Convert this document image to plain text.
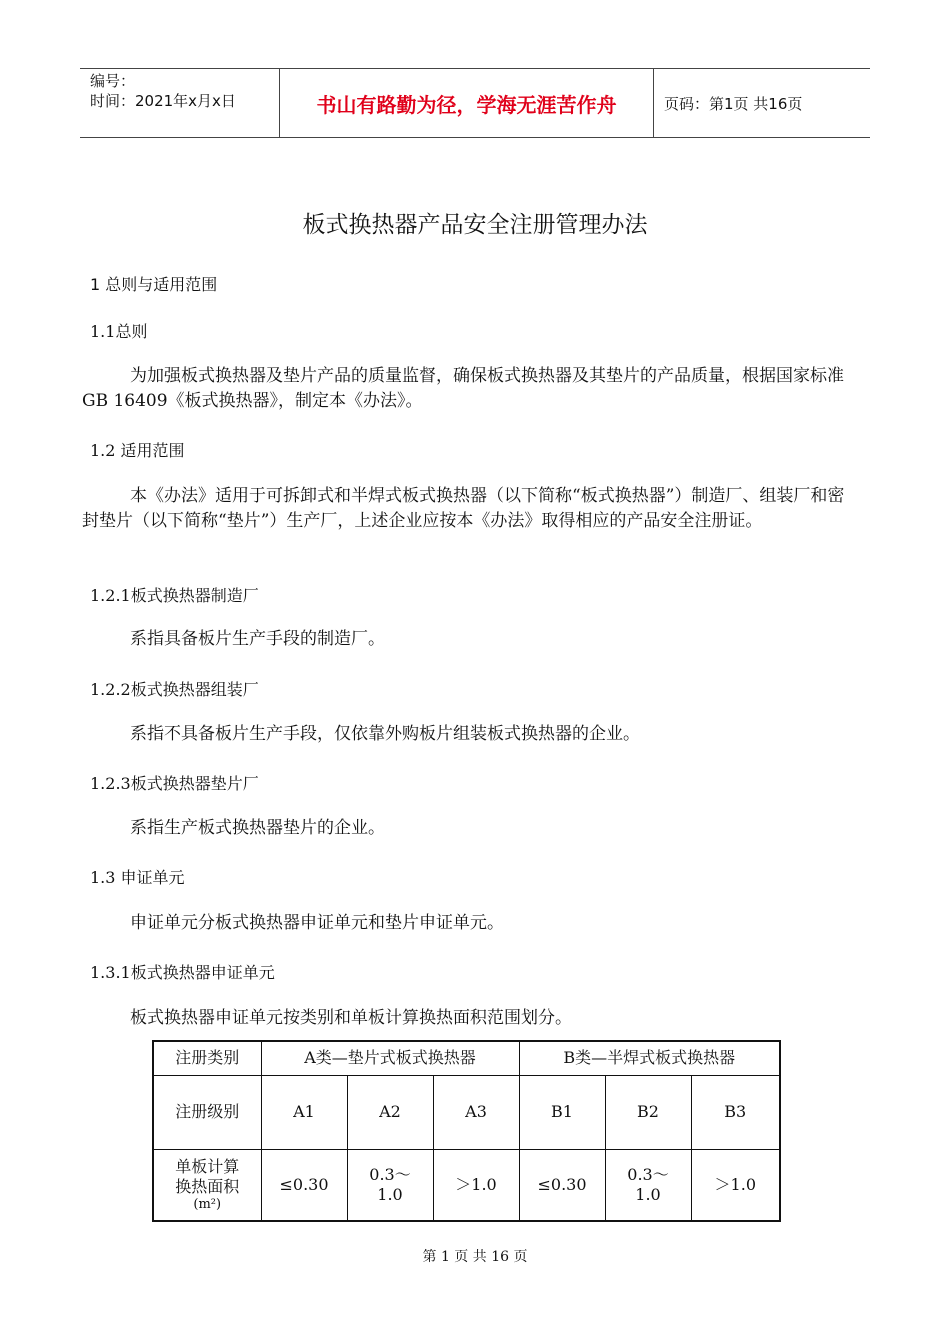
编号：
时间：2021年x月x日	书山有路勤为径，学海无涯苦作舟	页码：第1页 共16页
板式换热器产品安全注册管理办法
1 总则与适用范围
1.1总则
为加强板式换热器及垫片产品的质量监督，确保板式换热器及其垫片的产品质量，根据国家标准GB 16409《板式换热器》，制定本《办法》。
1.2 适用范围
本《办法》适用于可拆卸式和半焊式板式换热器（以下简称“板式换热器”）制造厂、组装厂和密封垫片（以下简称“垫片”）生产厂，上述企业应按本《办法》取得相应的产品安全注册证。
1.2.1板式换热器制造厂
系指具备板片生产手段的制造厂。
1.2.2板式换热器组装厂
系指不具备板片生产手段，仅依靠外购板片组装板式换热器的企业。
1.2.3板式换热器垫片厂
系指生产板式换热器垫片的企业。
1.3 申证单元
申证单元分板式换热器申证单元和垫片申证单元。
1.3.1板式换热器申证单元
板式换热器申证单元按类别和单板计算换热面积范围划分。
注册类别	A类—垫片式板式换热器			B类—半焊式板式换热器		
注册级别	A1	A2	A3	B1	B2	B3

单板计算
换热面积
(m²)	≤0.30	0.3～1.0	＞1.0	≤0.30	0.3～1.0	＞1.0
第 1 页 共 16 页
